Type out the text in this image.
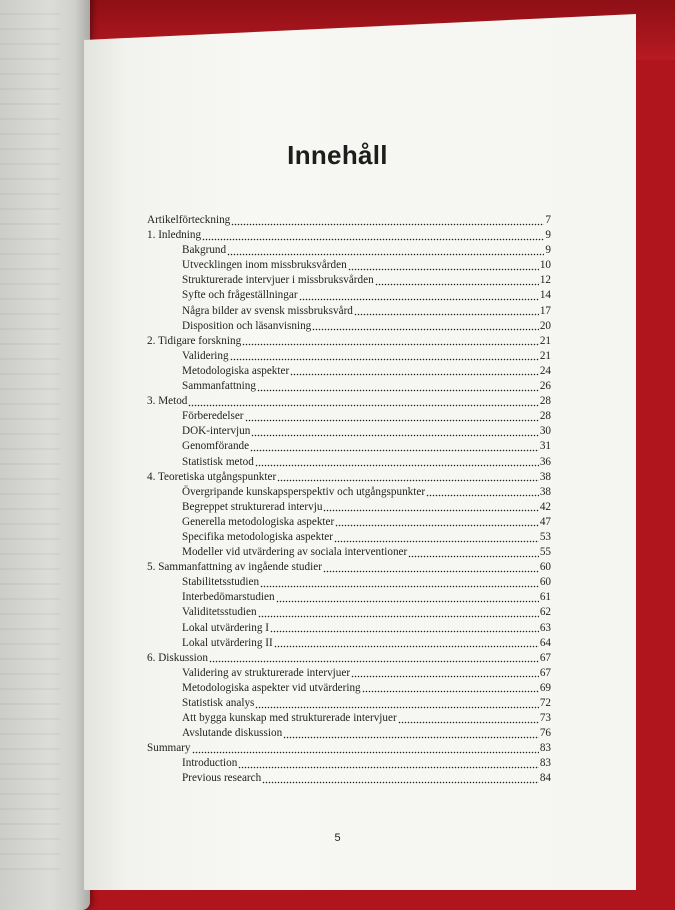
Innehåll
Artikelförteckning	7
1. Inledning	9
Bakgrund	9
Utvecklingen inom missbruksvården	10
Strukturerade intervjuer i missbruksvården	12
Syfte och frågeställningar	14
Några bilder av svensk missbruksvård	17
Disposition och läsanvisning	20
2. Tidigare forskning	21
Validering	21
Metodologiska aspekter	24
Sammanfattning	26
3. Metod	28
Förberedelser	28
DOK-intervjun	30
Genomförande	31
Statistisk metod	36
4. Teoretiska utgångspunkter	38
Övergripande kunskapsperspektiv och utgångspunkter	38
Begreppet strukturerad intervju	42
Generella metodologiska aspekter	47
Specifika metodologiska aspekter	53
Modeller vid utvärdering av sociala interventioner	55
5. Sammanfattning av ingående studier	60
Stabilitetsstudien	60
Interbedömarstudien	61
Validitetsstudien	62
Lokal utvärdering I	63
Lokal utvärdering II	64
6. Diskussion	67
Validering av strukturerade intervjuer	67
Metodologiska aspekter vid utvärdering	69
Statistisk analys	72
Att bygga kunskap med strukturerade intervjuer	73
Avslutande diskussion	76
Summary	83
Introduction	83
Previous research	84
5
